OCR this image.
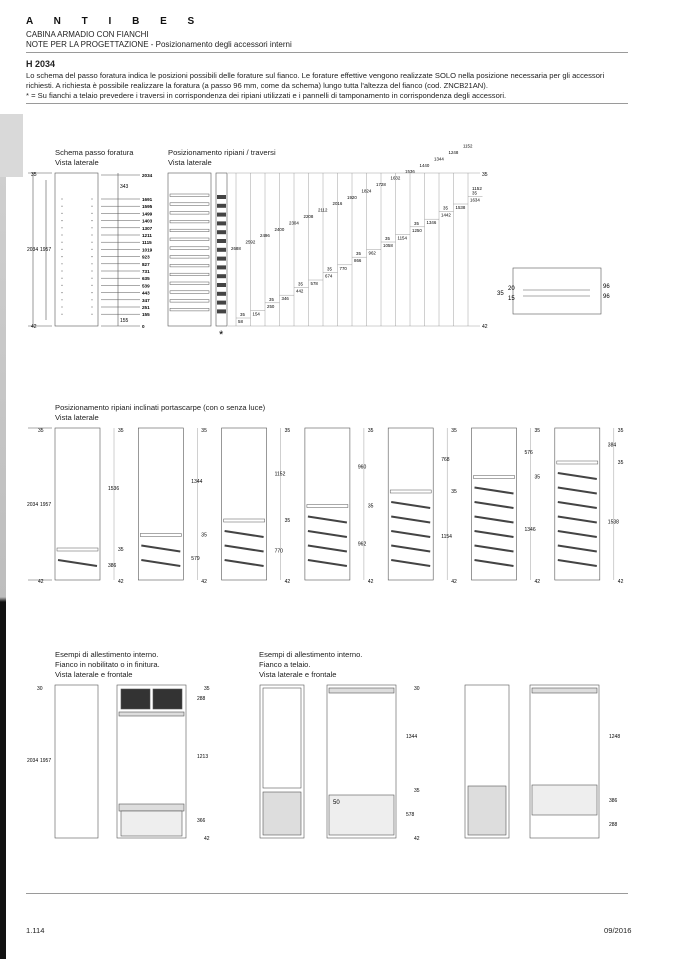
A N T I B E S
CABINA ARMADIO CON FIANCHI
NOTE PER LA PROGETTAZIONE - Posizionamento degli accessori interni
H 2034
Lo schema del passo foratura indica le posizioni possibili delle forature sul fianco. Le forature effettive vengono realizzate SOLO nella posizione necessaria per gli accessori
richiesti. A richiesta è possibile realizzare la foratura (a passo 96 mm, come da schema) lungo tutta l'altezza del fianco (cod. ZNCB21AN).
* = Su fianchi a telaio prevedere i traversi in corrispondenza dei ripiani utilizzati e i pannelli di tamponamento in corrispondenza degli accessori.
Schema passo foratura
Vista laterale
Posizionamento ripiani / traversi
Vista laterale
Posizionamento ripiani inclinati portascarpe (con o senza luce)
Vista laterale
Esempi di allestimento interno.
Fianco in nobilitato o in finitura.
Vista laterale e frontale
Esempi di allestimento interno.
Fianco a telaio.
Vista laterale e frontale
35
42
2034 1957
343
155
2034
1691
1595
1499
1403
1307
1211
1115
1019
923
827
731
635
539
443
347
251
155
0
*
35
42
58
2688
35 154
2592
250
2496
35 346
2400
442
2304
35 578
2208
674
2112
35 770
2016
866
1920
35 962
1824
1058
1728
35 1154
1632
1250
1536
35 1346
1440
1442
1344
35 1538
1248
1634
1152
35
1152
20
15
35
96
96
2034 1957
35
42
35
1536
35
386
42
35
1344
35
579
42
35
1152
35
770
42
35
960
35
962
42
35
768
35
1154
42
35
576
35
1346
42
35
384
35
1538
42
30
2034 1957
35
288
1213
366
42
30
1344
35
578
42
1248
386
288
50
1.114	09/2016
